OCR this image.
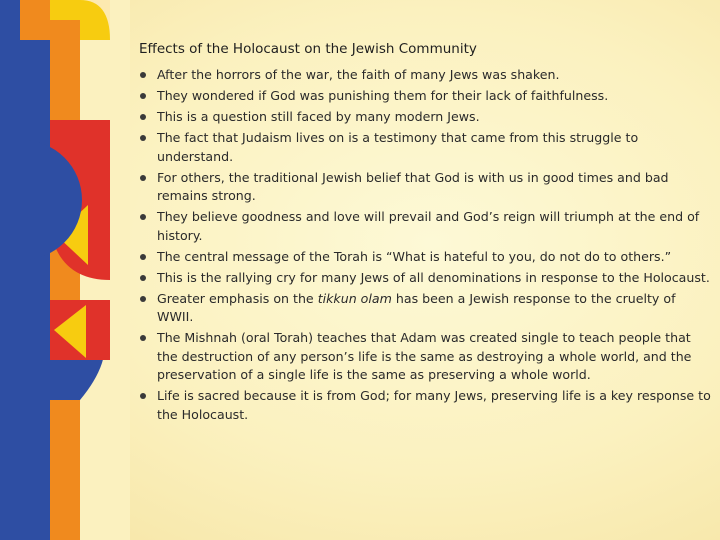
Effects of the Holocaust on the Jewish Community
After the horrors of the war, the faith of many Jews was shaken.
They wondered if God was punishing them for their lack of faithfulness.
This is a question still faced by many modern Jews.
The fact that Judaism lives on is a testimony that came from this struggle to understand.
For others, the traditional Jewish belief that God is with us in good times and bad remains strong.
They believe goodness and love will prevail and God’s reign will triumph at the end of history.
The central message of the Torah is “What is hateful to you, do not do to others.”
This is the rallying cry for many Jews of all denominations in response to the Holocaust.
Greater emphasis on the tikkun olam has been a Jewish response to the cruelty of WWII.
The Mishnah (oral Torah) teaches that Adam was created single to teach people that the destruction of any person’s life is the same as destroying a whole world, and the preservation of a single life is the same as preserving a whole world.
Life is sacred because it is from God; for many Jews, preserving life is a key response to the Holocaust.
